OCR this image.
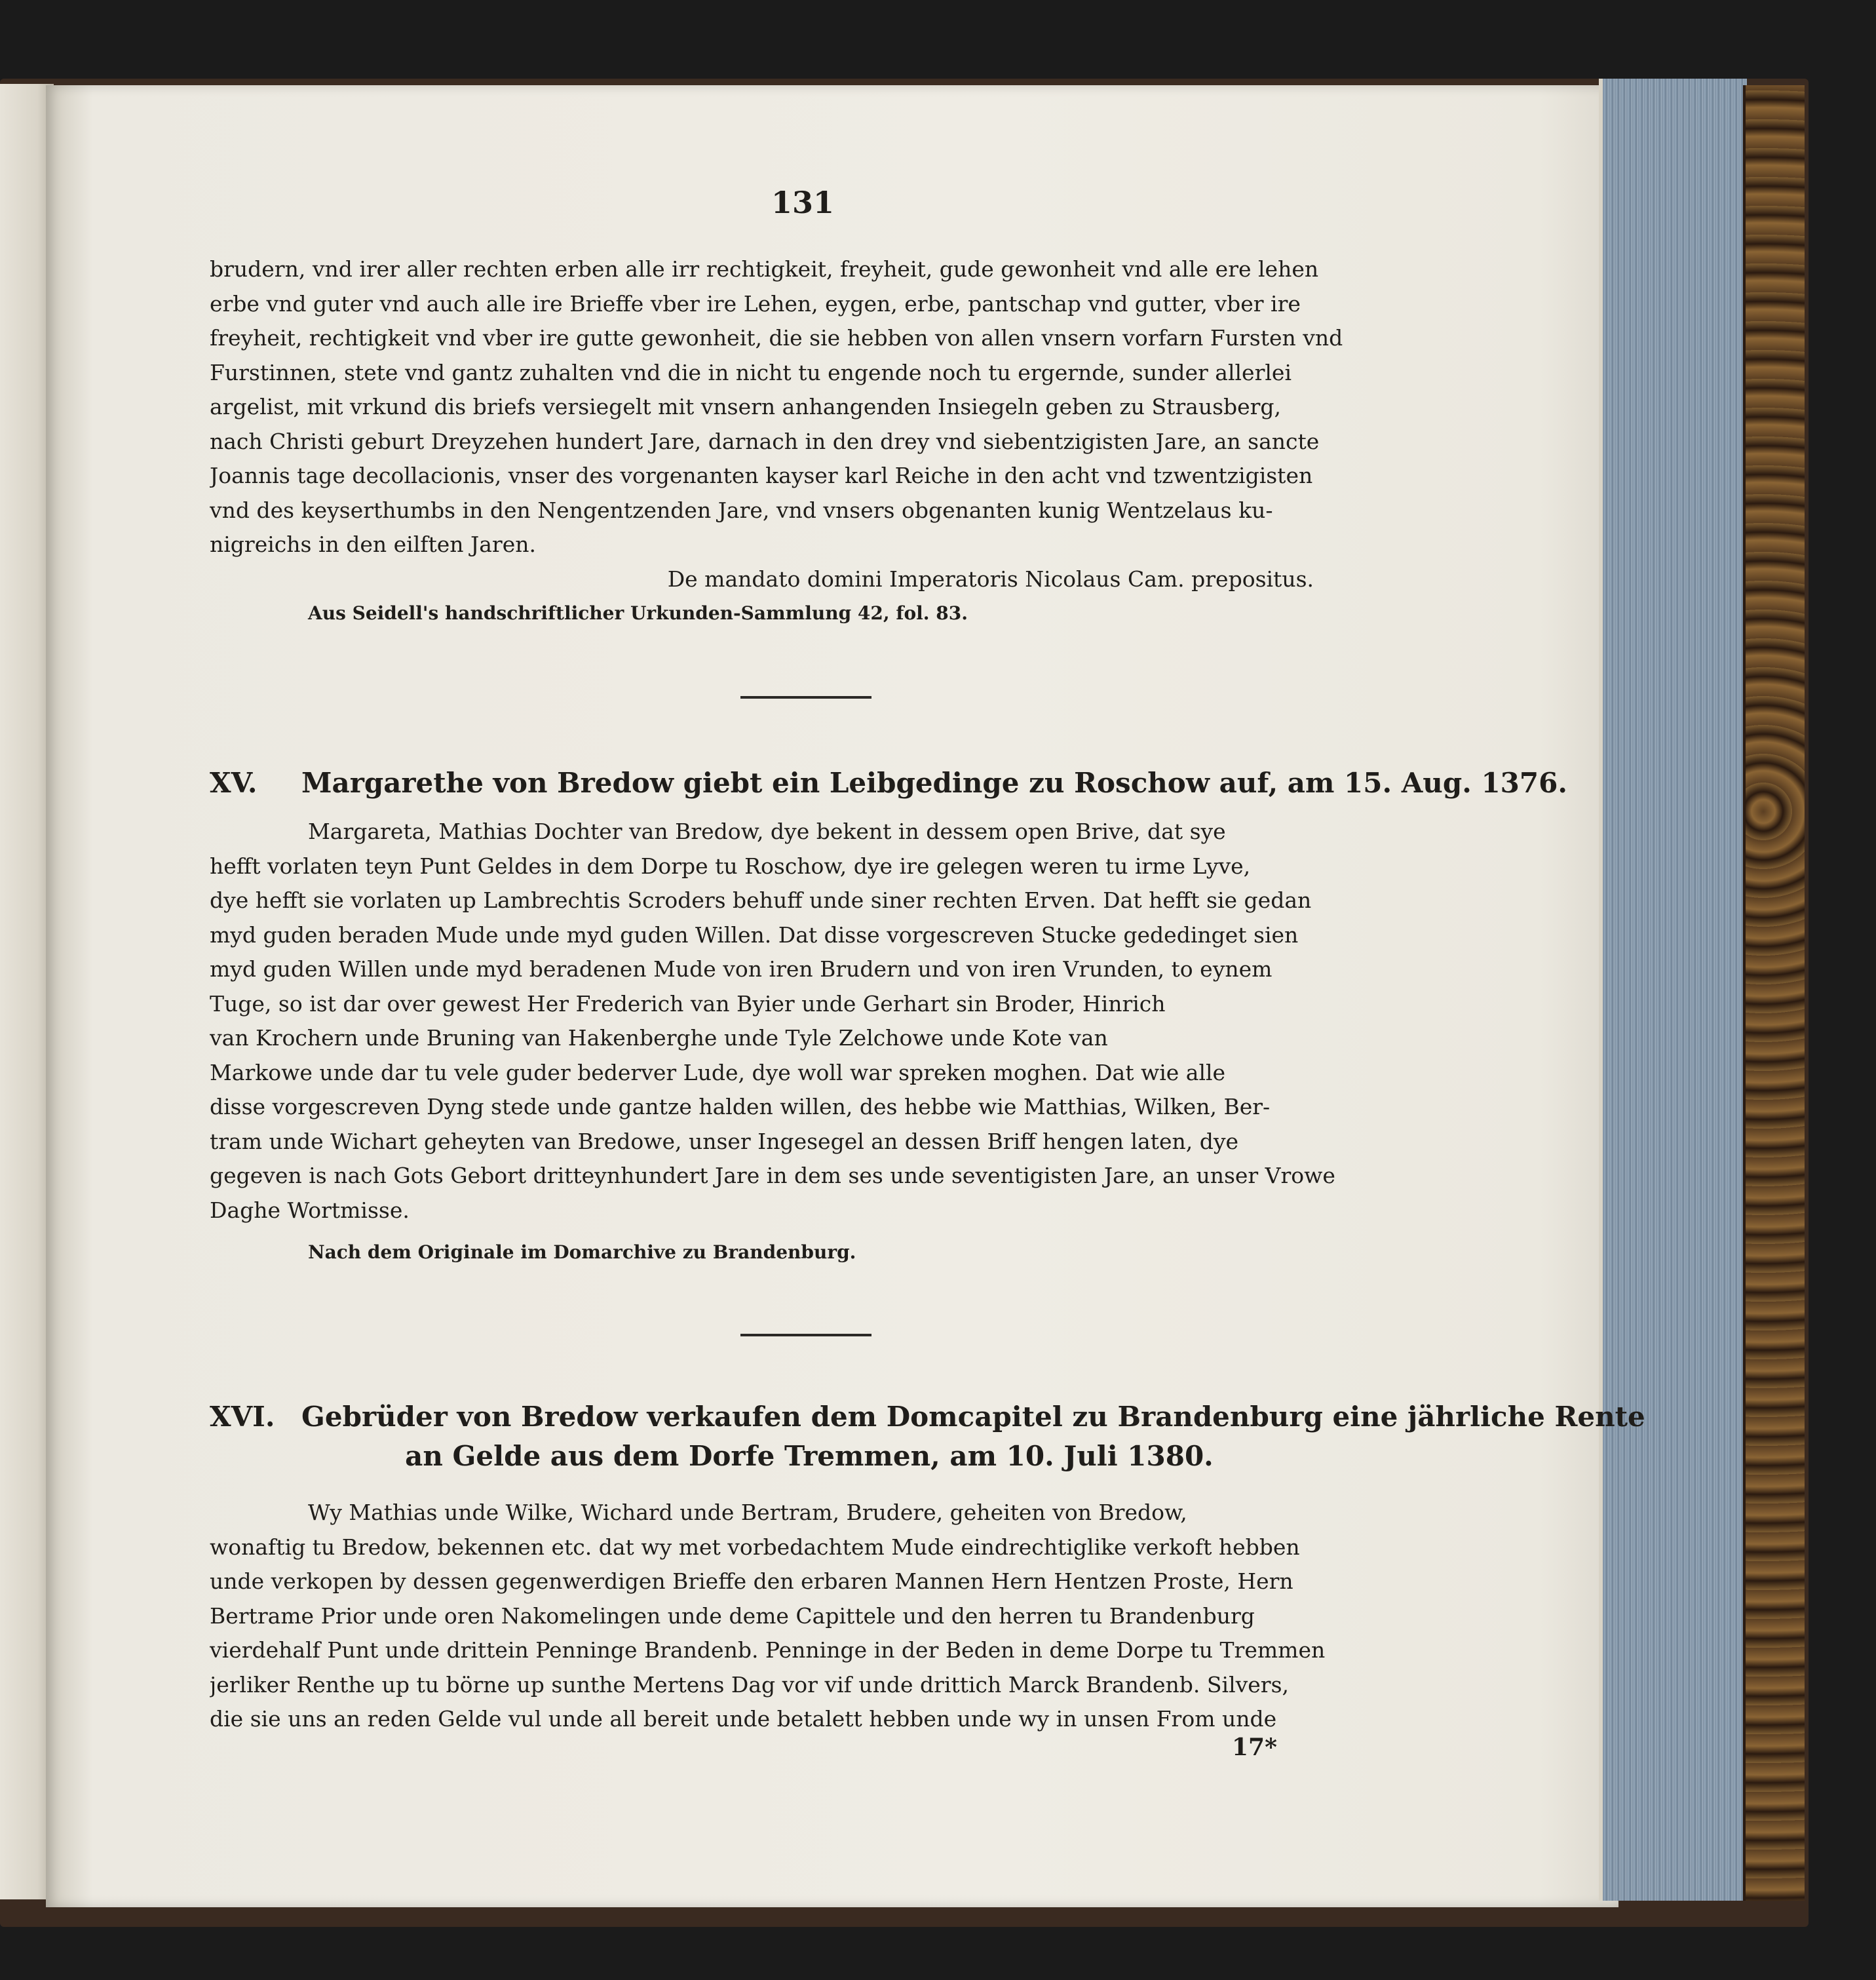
131

brudern, vnd irer aller rechten erben alle irr rechtigkeit, freyheit, gude gewonheit vnd alle ere lehen
erbe vnd guter vnd auch alle ire Brieffe vber ire Lehen, eygen, erbe, pantschap vnd gutter, vber ire
freyheit, rechtigkeit vnd vber ire gutte gewonheit, die sie hebben von allen vnsern vorfarn Fursten vnd
Furstinnen, stete vnd gantz zuhalten vnd die in nicht tu engende noch tu ergernde, sunder allerlei
argelist, mit vrkund dis briefs versiegelt mit vnsern anhangenden Insiegeln geben zu Strausberg,
nach Christi geburt Dreyzehen hundert Jare, darnach in den drey vnd siebentzigisten Jare, an sancte
Joannis tage decollacionis, vnser des vorgenanten kayser karl Reiche in den acht vnd tzwentzigisten
vnd des keyserthumbs in den Nengentzenden Jare, vnd vnsers obgenanten kunig Wentzelaus ku-
nigreichs in den eilften Jaren.

De mandato domini Imperatoris Nicolaus Cam. prepositus.
Aus Seidell's handschriftlicher Urkunden-Sammlung 42, fol. 83.
XV. Margarethe von Bredow giebt ein Leibgedinge zu Roschow auf, am 15. Aug. 1376.

Margareta, Mathias Dochter van Bredow, dye bekent in dessem open Brive, dat sye
hefft vorlaten teyn Punt Geldes in dem Dorpe tu Roschow, dye ire gelegen weren tu irme Lyve,
dye hefft sie vorlaten up Lambrechtis Scroders behuff unde siner rechten Erven. Dat hefft sie gedan
myd guden beraden Mude unde myd guden Willen. Dat disse vorgescreven Stucke gededinget sien
myd guden Willen unde myd beradenen Mude von iren Brudern und von iren Vrunden, to eynem
Tuge, so ist dar over gewest Her Frederich van Byier unde Gerhart sin Broder, Hinrich
van Krochern unde Bruning van Hakenberghe unde Tyle Zelchowe unde Kote van
Markowe unde dar tu vele guder bederver Lude, dye woll war spreken moghen. Dat wie alle
disse vorgescreven Dyng stede unde gantze halden willen, des hebbe wie Matthias, Wilken, Ber-
tram unde Wichart geheyten van Bredowe, unser Ingesegel an dessen Briff hengen laten, dye
gegeven is nach Gots Gebort dritteynhundert Jare in dem ses unde seventigisten Jare, an unser Vrowe
Daghe Wortmisse.

Nach dem Originale im Domarchive zu Brandenburg.
XVI. Gebrüder von Bredow verkaufen dem Domcapitel zu Brandenburg eine jährliche Rente
an Gelde aus dem Dorfe Tremmen, am 10. Juli 1380.

Wy Mathias unde Wilke, Wichard unde Bertram, Brudere, geheiten von Bredow,
wonaftig tu Bredow, bekennen etc. dat wy met vorbedachtem Mude eindrechtiglike verkoft hebben
unde verkopen by dessen gegenwerdigen Brieffe den erbaren Mannen Hern Hentzen Proste, Hern
Bertrame Prior unde oren Nakomelingen unde deme Capittele und den herren tu Brandenburg
vierdehalf Punt unde drittein Penninge Brandenb. Penninge in der Beden in deme Dorpe tu Tremmen
jerliker Renthe up tu börne up sunthe Mertens Dag vor vif unde drittich Marck Brandenb. Silvers,
die sie uns an reden Gelde vul unde all bereit unde betalett hebben unde wy in unsen From unde

17*
